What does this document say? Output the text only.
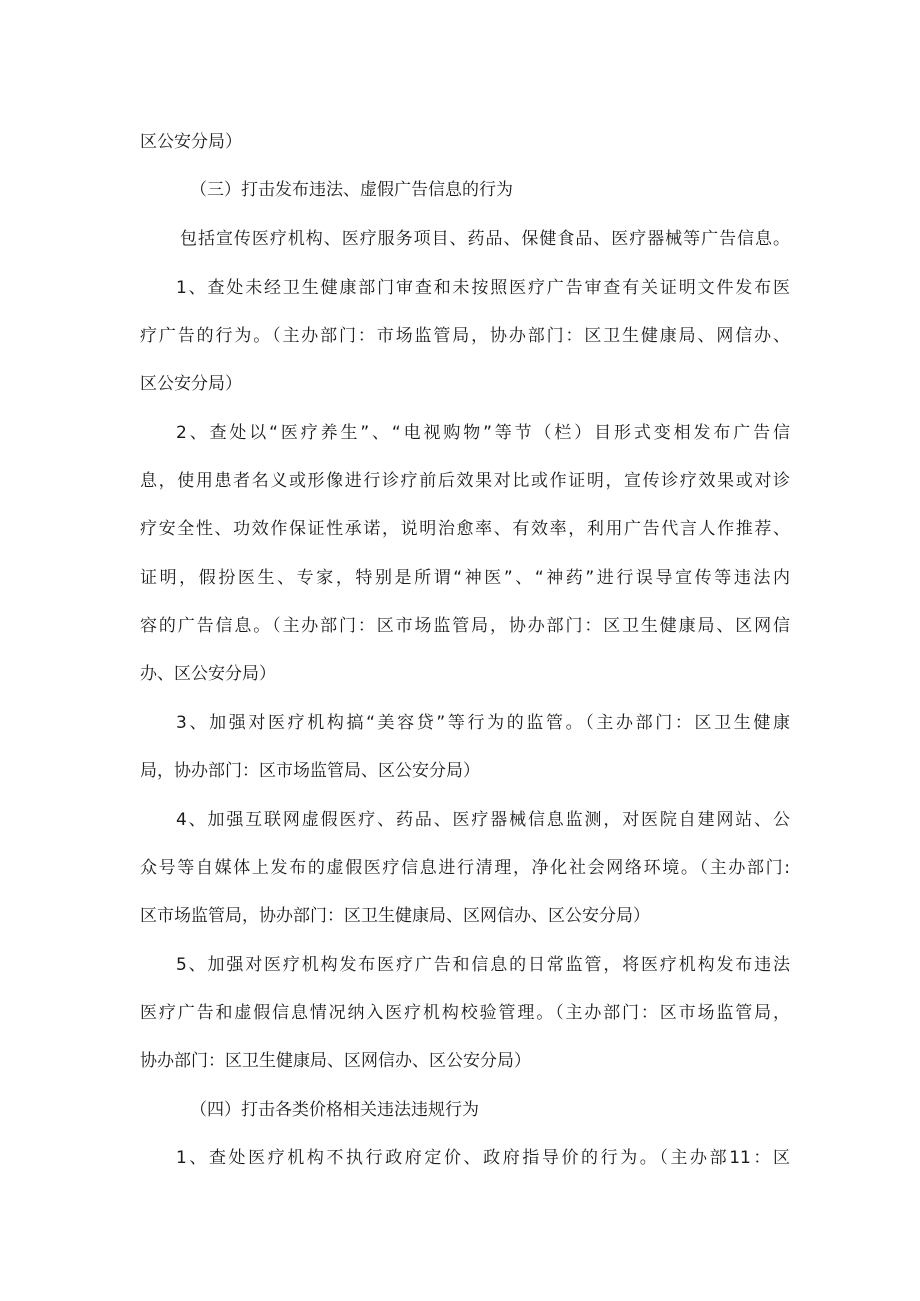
区公安分局）
（三）打击发布违法、虚假广告信息的行为
包括宣传医疗机构、医疗服务项目、药品、保健食品、医疗器械等广告信息。
1、查处未经卫生健康部门审查和未按照医疗广告审查有关证明文件发布医
疗广告的行为。（主办部门：市场监管局，协办部门：区卫生健康局、网信办、
区公安分局）
2、查处以“医疗养生”、“电视购物”等节（栏）目形式变相发布广告信
息，使用患者名义或形像进行诊疗前后效果对比或作证明，宣传诊疗效果或对诊
疗安全性、功效作保证性承诺，说明治愈率、有效率，利用广告代言人作推荐、
证明，假扮医生、专家，特别是所谓“神医”、“神药”进行误导宣传等违法内
容的广告信息。（主办部门：区市场监管局，协办部门：区卫生健康局、区网信
办、区公安分局）
3、加强对医疗机构搞“美容贷”等行为的监管。（主办部门：区卫生健康
局，协办部门：区市场监管局、区公安分局）
4、加强互联网虚假医疗、药品、医疗器械信息监测，对医院自建网站、公
众号等自媒体上发布的虚假医疗信息进行清理，净化社会网络环境。（主办部门:
区市场监管局，协办部门：区卫生健康局、区网信办、区公安分局）
5、加强对医疗机构发布医疗广告和信息的日常监管，将医疗机构发布违法
医疗广告和虚假信息情况纳入医疗机构校验管理。（主办部门：区市场监管局，
协办部门：区卫生健康局、区网信办、区公安分局）
（四）打击各类价格相关违法违规行为
1、查处医疗机构不执行政府定价、政府指导价的行为。（主办部11：区
